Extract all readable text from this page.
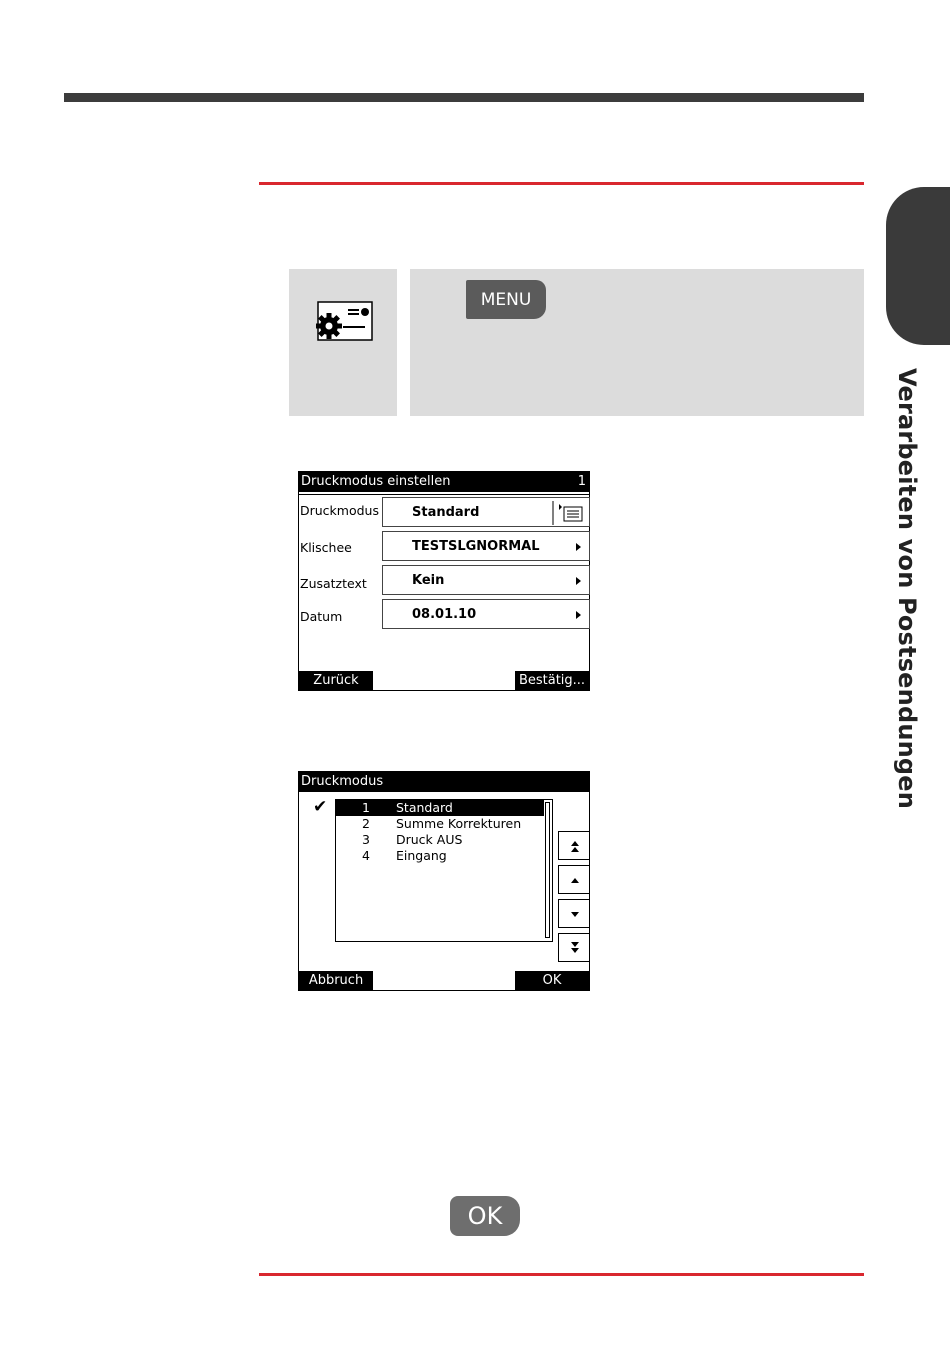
Verarbeiten von Postsendungen
MENU
Druckmodus einstellen	1
Druckmodus	Standard
Klischee	TESTSLGNORMAL
Zusatztext	Kein
Datum	08.01.10
Zurück	Bestätig...
Druckmodus
✔	1 Standard
2 Summe Korrekturen
3 Druck AUS
4 Eingang
Abbruch	OK
OK
